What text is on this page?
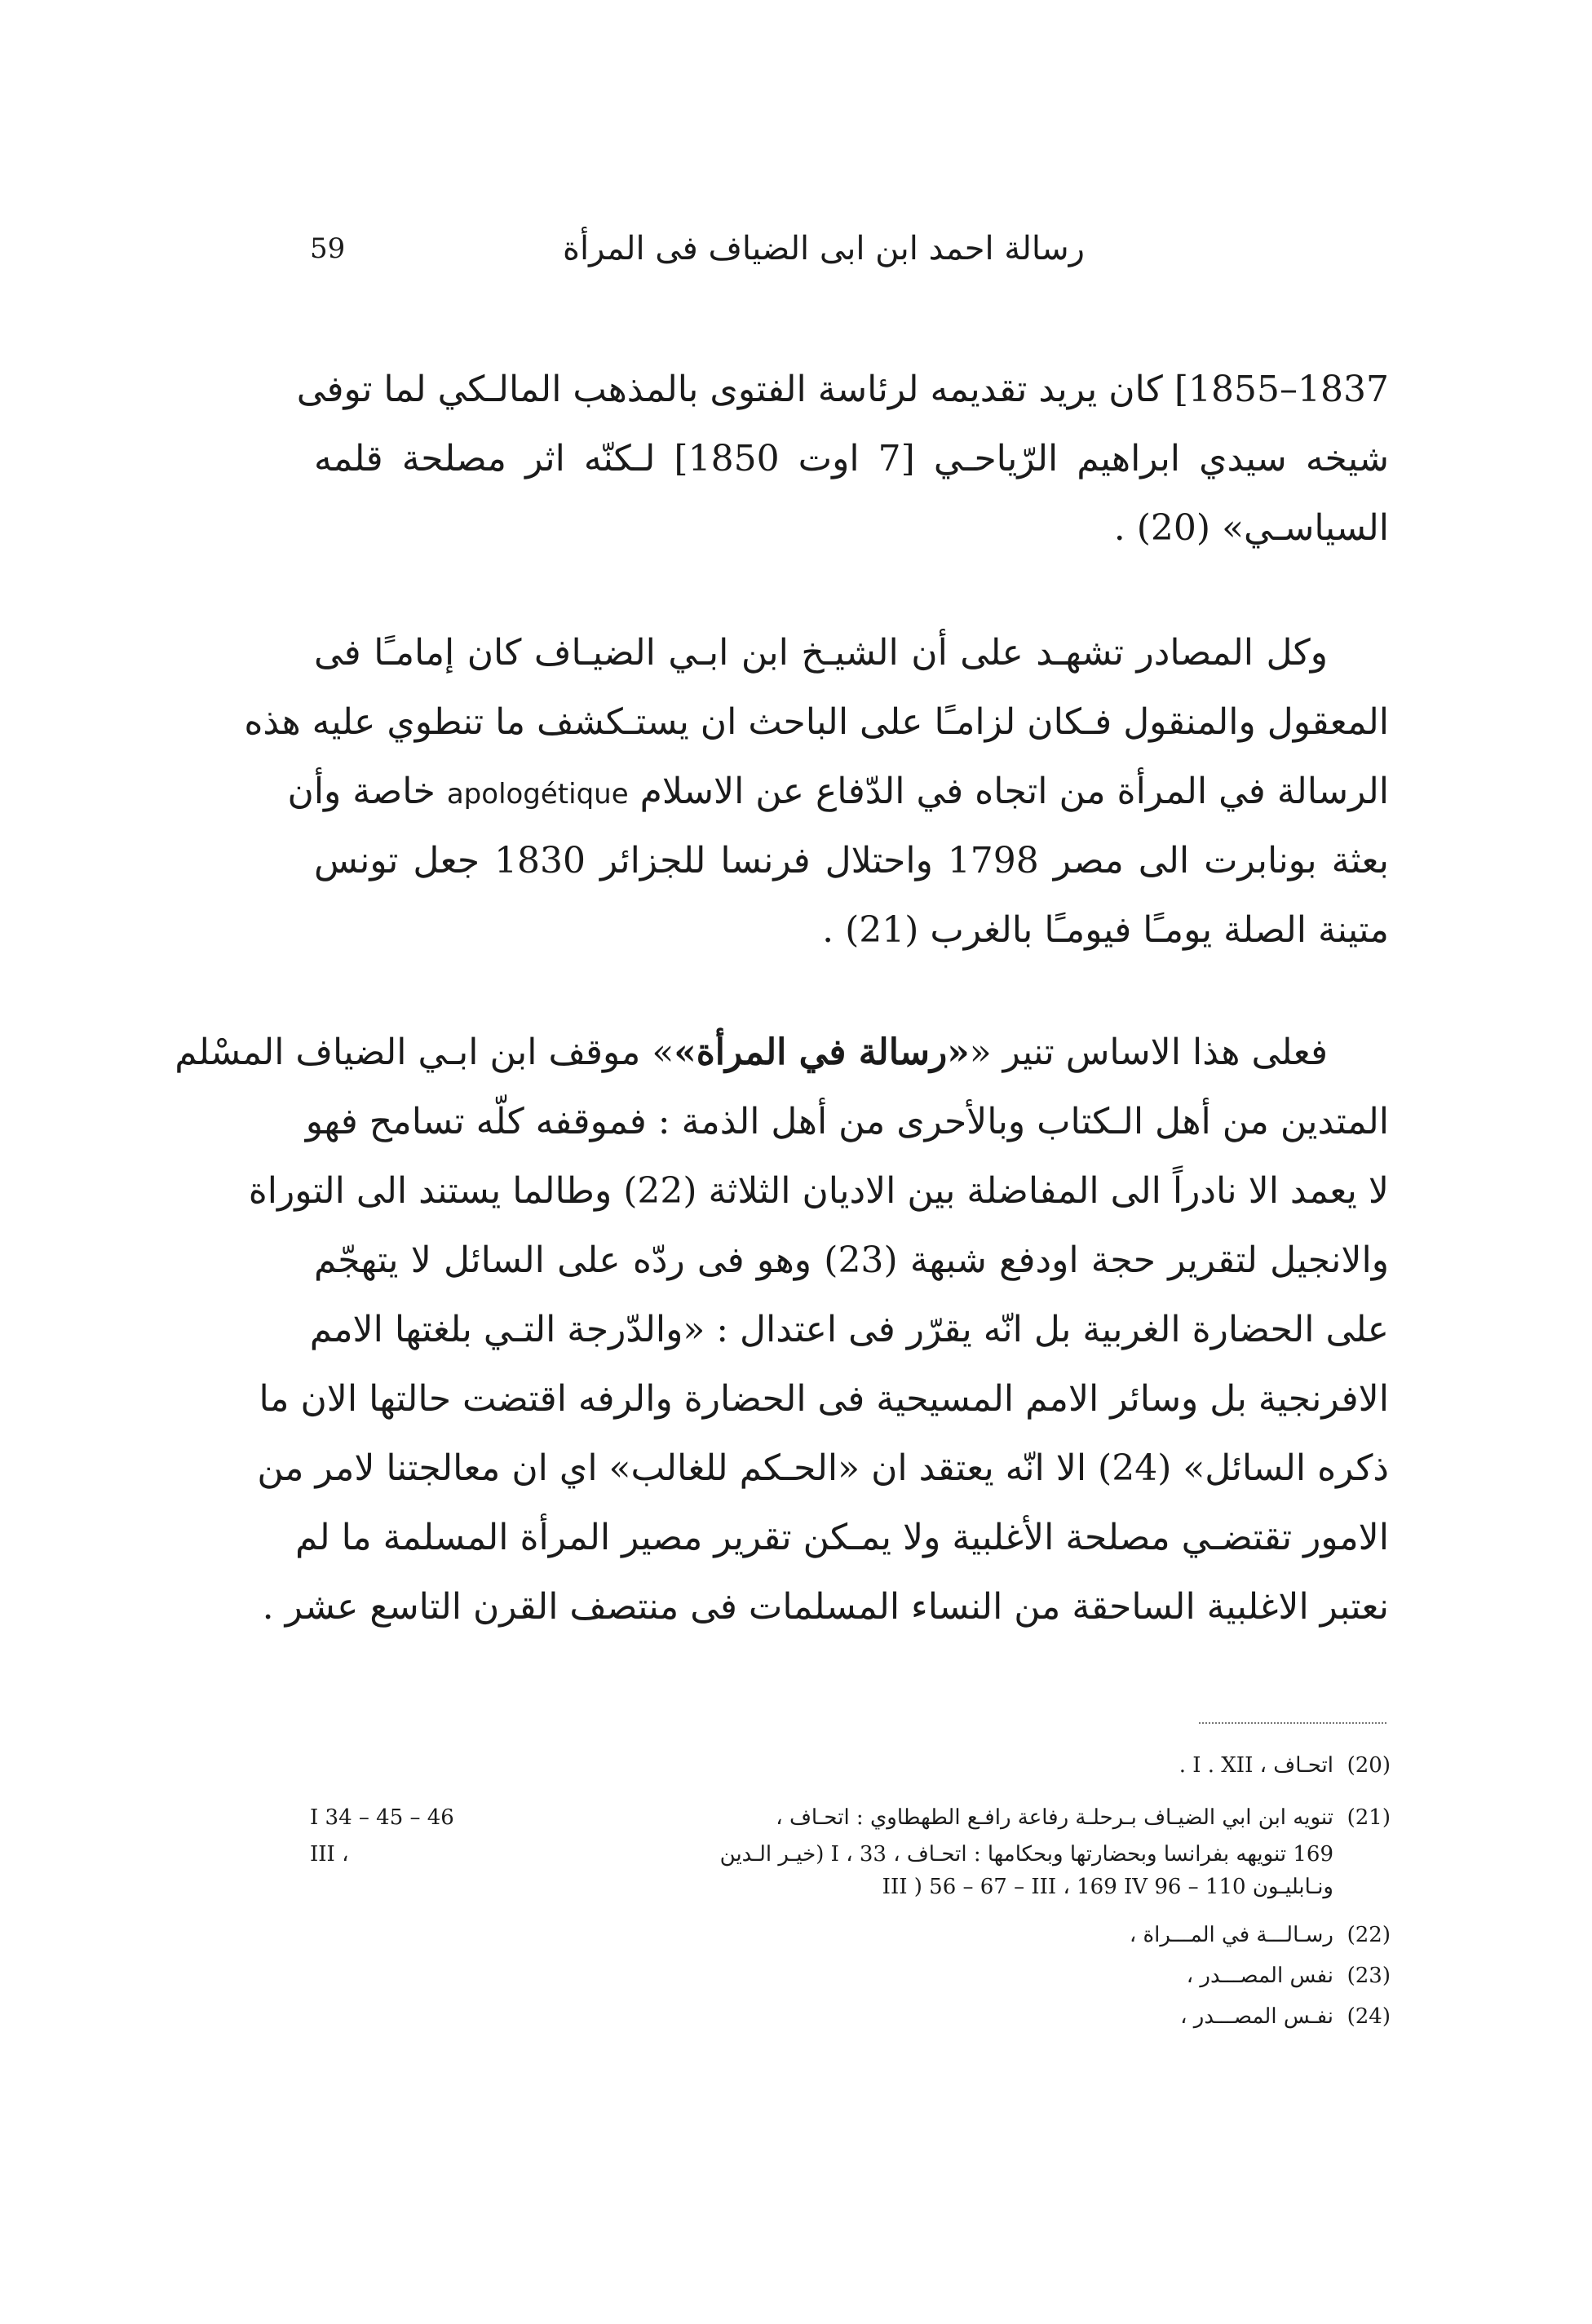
59	رسالة احمد ابن ابى الضياف فى المرأة
1837–1855] كان يريد تقديمه لرئاسة الفتوى بالمذهب المالـكي لما توفى
شيخه سيدي ابراهيم الرّياحـي [7 اوت 1850] لـكنّه اثر مصلحة قلمه
السياسـي» (20) .
وكل المصادر تشهـد على أن الشيـخ ابن ابـي الضيـاف كان إمامـًا فى
المعقول والمنقول فـكان لزامـًا على الباحث ان يستـكشف ما تنطوي عليه هذه
الرسالة في المرأة من اتجاه في الدّفاع عن الاسلام apologétique خاصة وأن
بعثة بونابرت الى مصر 1798 واحتلال فرنسا للجزائر 1830 جعل تونس
متينة الصلة يومـًا فيومـًا بالغرب (21) .
فعلى هذا الاساس تنير ««رسالة في المرأة»» موقف ابن ابـي الضياف المسْلم
المتدين من أهل الـكتاب وبالأحرى من أهل الذمة : فموقفه كلّه تسامح فهو
لا يعمد الا نادراً الى المفاضلة بين الاديان الثلاثة (22) وطالما يستند الى التوراة
والانجيل لتقرير حجة اودفع شبهة (23) وهو فى ردّه على السائل لا يتهجّم
على الحضارة الغربية بل انّه يقرّر فى اعتدال : «والدّرجة التـي بلغتها الامم
الافرنجية بل وسائر الامم المسيحية فى الحضارة والرفه اقتضت حالتها الان ما
ذكره السائل» (24) الا انّه يعتقد ان «الحـكم للغالب» اي ان معالجتنا لامر من
الامور تقتضـي مصلحة الأغلبية ولا يمـكن تقرير مصير المرأة المسلمة ما لم
نعتبر الاغلبية الساحقة من النساء المسلمات فى منتصف القرن التاسع عشر .
(20)
اتحـاف ، I . XII .
(21)
تنويه ابن ابي الضيـاف بـرحلـة رفاعة رافـع الطهطاوي : اتحـاف ،
I 34 – 45 – 46
169 تنويهه بفرانسا وبحضارتها وبحكامها : اتحـاف ، I ، 33 (خيـر الـدين
III ،
ونـابليـون III ) 56 – 67 – III ، 169 IV 96 – 110
(22)
رسـالـــة في المـــراة ،
(23)
نفس المصـــدر ،
(24)
نفـس المصـــدر ،
